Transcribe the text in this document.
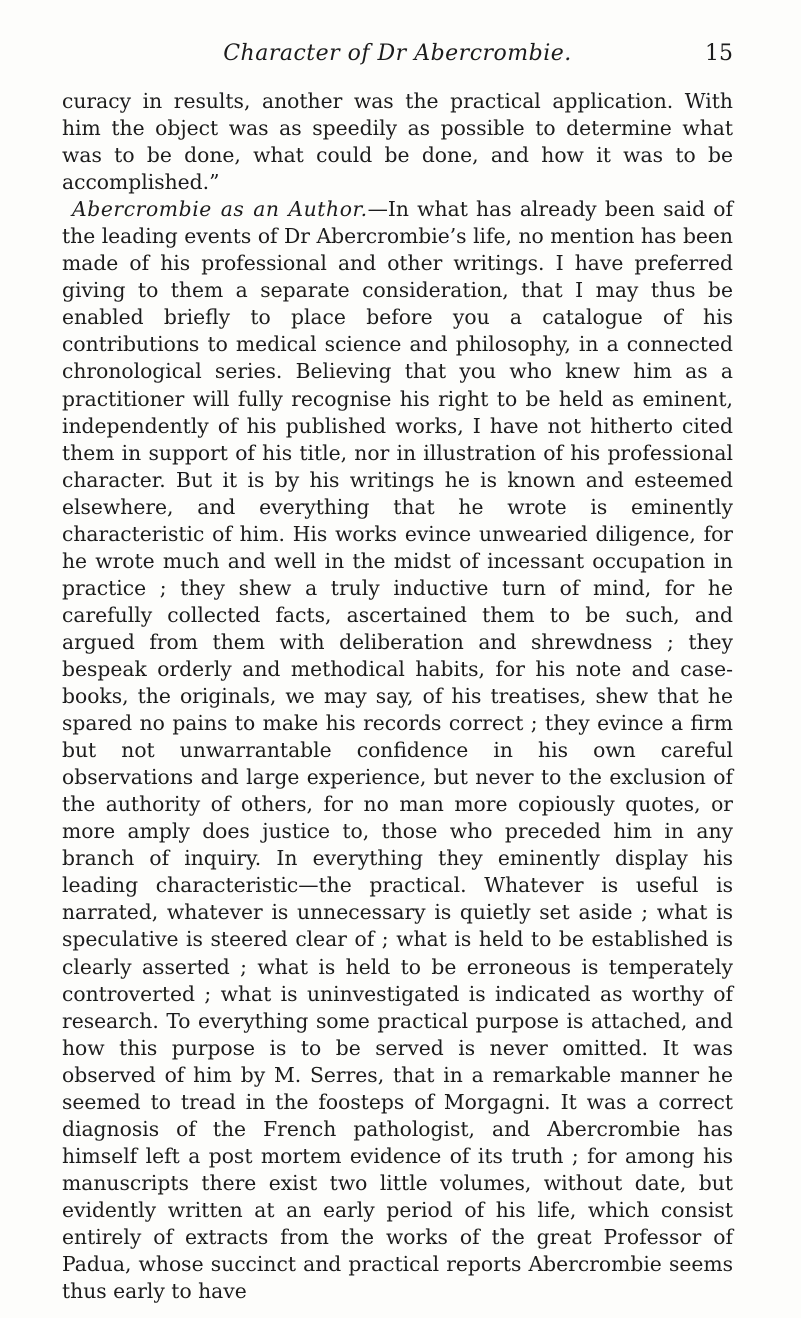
Character of Dr Abercrombie.	15

curacy in results, another was the practical application. With him the object was as speedily as possible to determine what was to be done, what could be done, and how it was to be accomplished.”

Abercrombie as an Author.—In what has already been said of the leading events of Dr Abercrombie’s life, no mention has been made of his professional and other writings. I have preferred giving to them a separate consideration, that I may thus be enabled briefly to place before you a catalogue of his contributions to medical science and philosophy, in a connected chronological series. Believing that you who knew him as a practitioner will fully recognise his right to be held as eminent, independently of his published works, I have not hitherto cited them in support of his title, nor in illustration of his professional character. But it is by his writings he is known and esteemed elsewhere, and everything that he wrote is eminently characteristic of him. His works evince unwearied diligence, for he wrote much and well in the midst of incessant occupation in practice ; they shew a truly inductive turn of mind, for he carefully collected facts, ascertained them to be such, and argued from them with deliberation and shrewdness ; they bespeak orderly and methodical habits, for his note and case-books, the originals, we may say, of his treatises, shew that he spared no pains to make his records correct ; they evince a firm but not unwarrantable confidence in his own careful observations and large experience, but never to the exclusion of the authority of others, for no man more copiously quotes, or more amply does justice to, those who preceded him in any branch of inquiry. In everything they eminently display his leading characteristic—the practical. Whatever is useful is narrated, whatever is unnecessary is quietly set aside ; what is speculative is steered clear of ; what is held to be established is clearly asserted ; what is held to be erroneous is temperately controverted ; what is uninvestigated is indicated as worthy of research. To everything some practical purpose is attached, and how this purpose is to be served is never omitted. It was observed of him by M. Serres, that in a remarkable manner he seemed to tread in the foosteps of Morgagni. It was a correct diagnosis of the French pathologist, and Abercrombie has himself left a post mortem evidence of its truth ; for among his manuscripts there exist two little volumes, without date, but evidently written at an early period of his life, which consist entirely of extracts from the works of the great Professor of Padua, whose succinct and practical reports Abercrombie seems thus early to have
